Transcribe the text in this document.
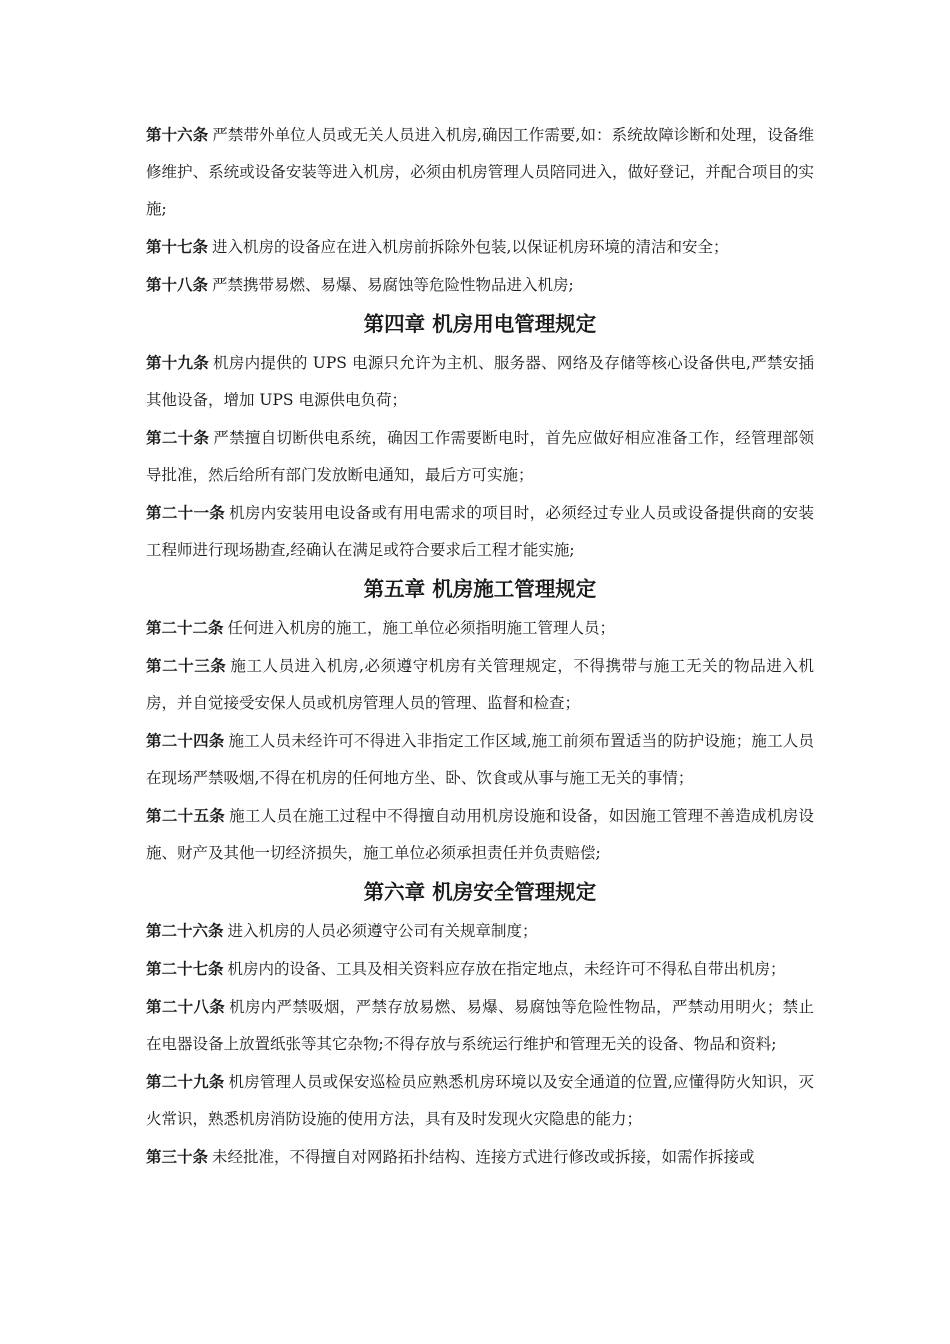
第十六条 严禁带外单位人员或无关人员进入机房,确因工作需要,如：系统故障诊断和处理，设备维修维护、系统或设备安装等进入机房，必须由机房管理人员陪同进入，做好登记，并配合项目的实施;

第十七条 进入机房的设备应在进入机房前拆除外包装,以保证机房环境的清洁和安全；

第十八条 严禁携带易燃、易爆、易腐蚀等危险性物品进入机房;

第四章 机房用电管理规定

第十九条 机房内提供的 UPS 电源只允许为主机、服务器、网络及存储等核心设备供电,严禁安插其他设备，增加 UPS 电源供电负荷；

第二十条 严禁擅自切断供电系统，确因工作需要断电时，首先应做好相应准备工作，经管理部领导批准，然后给所有部门发放断电通知，最后方可实施；

第二十一条 机房内安装用电设备或有用电需求的项目时，必须经过专业人员或设备提供商的安装工程师进行现场勘查,经确认在满足或符合要求后工程才能实施;

第五章 机房施工管理规定

第二十二条 任何进入机房的施工，施工单位必须指明施工管理人员；

第二十三条 施工人员进入机房,必须遵守机房有关管理规定，不得携带与施工无关的物品进入机房，并自觉接受安保人员或机房管理人员的管理、监督和检查；

第二十四条 施工人员未经许可不得进入非指定工作区域,施工前须布置适当的防护设施；施工人员在现场严禁吸烟,不得在机房的任何地方坐、卧、饮食或从事与施工无关的事情；

第二十五条 施工人员在施工过程中不得擅自动用机房设施和设备，如因施工管理不善造成机房设施、财产及其他一切经济损失，施工单位必须承担责任并负责赔偿;

第六章 机房安全管理规定

第二十六条 进入机房的人员必须遵守公司有关规章制度；

第二十七条 机房内的设备、工具及相关资料应存放在指定地点，未经许可不得私自带出机房；

第二十八条 机房内严禁吸烟，严禁存放易燃、易爆、易腐蚀等危险性物品，严禁动用明火；禁止在电器设备上放置纸张等其它杂物;不得存放与系统运行维护和管理无关的设备、物品和资料;

第二十九条 机房管理人员或保安巡检员应熟悉机房环境以及安全通道的位置,应懂得防火知识，灭火常识，熟悉机房消防设施的使用方法，具有及时发现火灾隐患的能力；

第三十条 未经批准，不得擅自对网路拓扑结构、连接方式进行修改或拆接，如需作拆接或
